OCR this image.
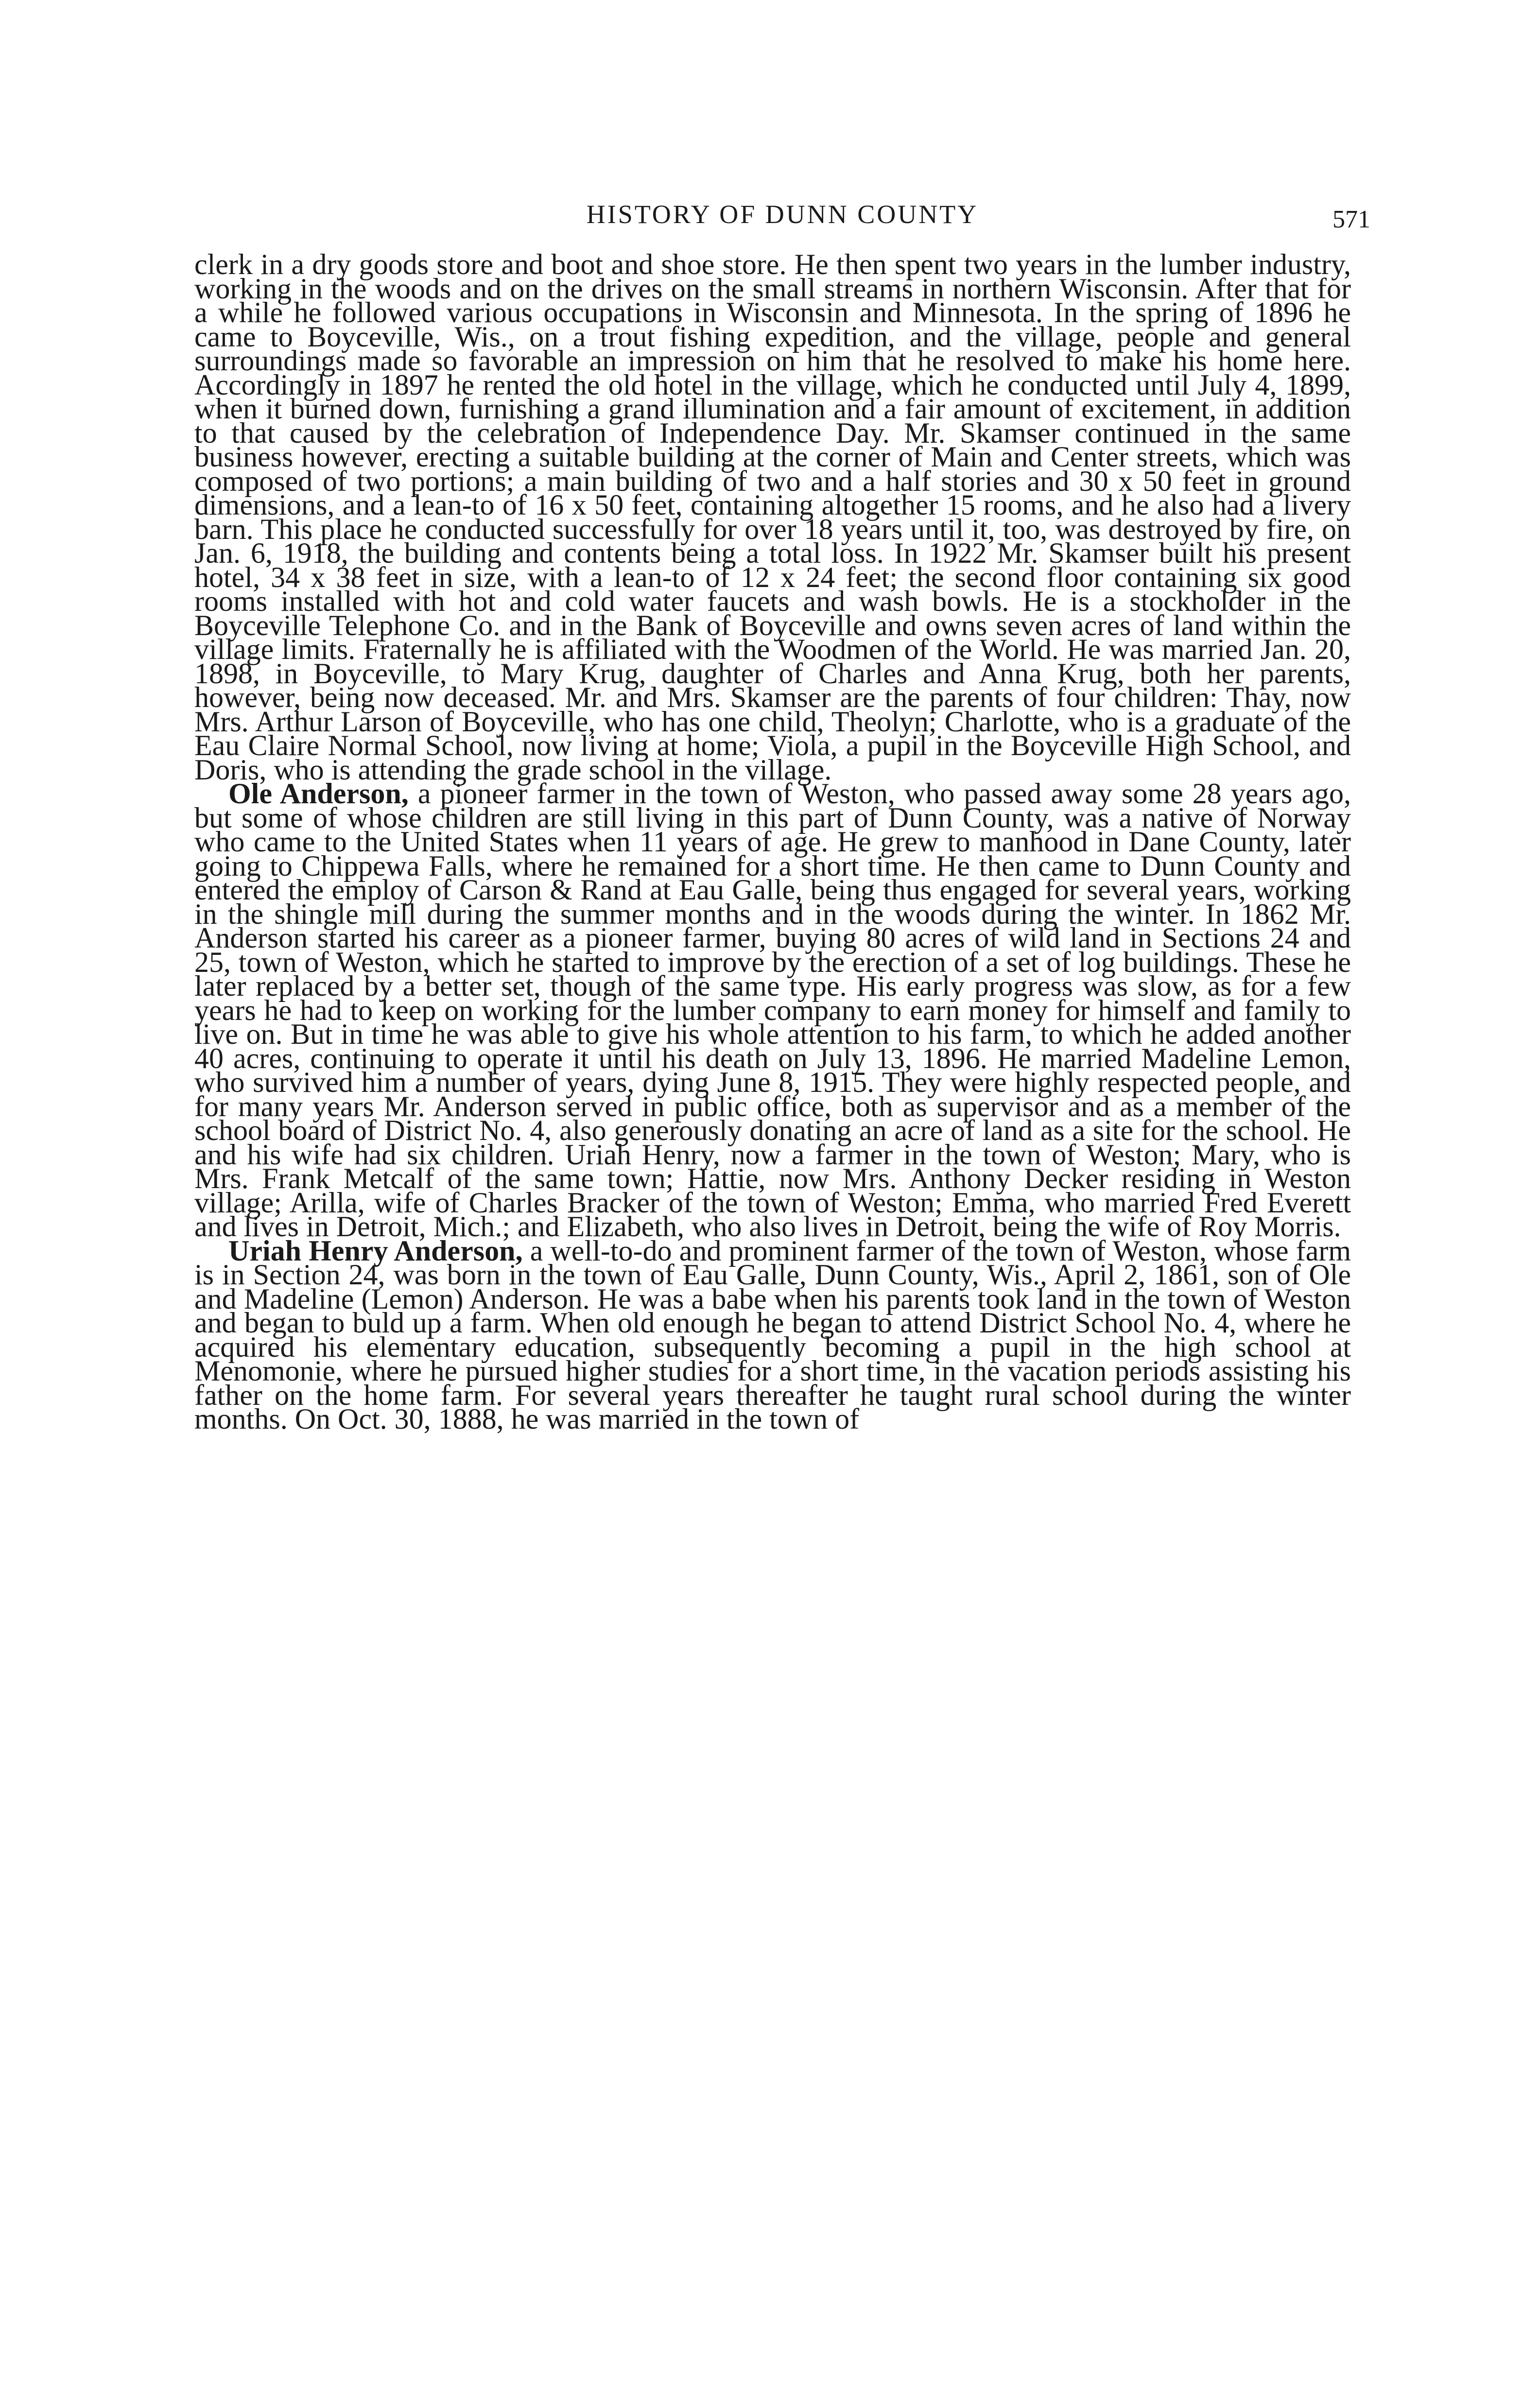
HISTORY OF DUNN COUNTY	571

clerk in a dry goods store and boot and shoe store. He then spent two years in the lumber industry, working in the woods and on the drives on the small streams in northern Wisconsin. After that for a while he followed various occupations in Wisconsin and Minnesota. In the spring of 1896 he came to Boyceville, Wis., on a trout fishing expedition, and the village, people and general surroundings made so favorable an impression on him that he resolved to make his home here. Accordingly in 1897 he rented the old hotel in the village, which he conducted until July 4, 1899, when it burned down, furnishing a grand illumination and a fair amount of excitement, in addition to that caused by the celebration of Independence Day. Mr. Skamser continued in the same business however, erecting a suitable building at the corner of Main and Center streets, which was composed of two portions; a main building of two and a half stories and 30 x 50 feet in ground dimensions, and a lean-to of 16 x 50 feet, containing altogether 15 rooms, and he also had a livery barn. This place he conducted successfully for over 18 years until it, too, was destroyed by fire, on Jan. 6, 1918, the building and contents being a total loss. In 1922 Mr. Skamser built his present hotel, 34 x 38 feet in size, with a lean-to of 12 x 24 feet; the second floor containing six good rooms installed with hot and cold water faucets and wash bowls. He is a stockholder in the Boyceville Telephone Co. and in the Bank of Boyceville and owns seven acres of land within the village limits. Fraternally he is affiliated with the Woodmen of the World. He was married Jan. 20, 1898, in Boyceville, to Mary Krug, daughter of Charles and Anna Krug, both her parents, however, being now deceased. Mr. and Mrs. Skamser are the parents of four children: Thay, now Mrs. Arthur Larson of Boyceville, who has one child, Theolyn; Charlotte, who is a graduate of the Eau Claire Normal School, now living at home; Viola, a pupil in the Boyceville High School, and Doris, who is attending the grade school in the village.

Ole Anderson, a pioneer farmer in the town of Weston, who passed away some 28 years ago, but some of whose children are still living in this part of Dunn County, was a native of Norway who came to the United States when 11 years of age. He grew to manhood in Dane County, later going to Chippewa Falls, where he remained for a short time. He then came to Dunn County and entered the employ of Carson & Rand at Eau Galle, being thus engaged for several years, working in the shingle mill during the summer months and in the woods during the winter. In 1862 Mr. Anderson started his career as a pioneer farmer, buying 80 acres of wild land in Sections 24 and 25, town of Weston, which he started to improve by the erection of a set of log buildings. These he later replaced by a better set, though of the same type. His early progress was slow, as for a few years he had to keep on working for the lumber company to earn money for himself and family to live on. But in time he was able to give his whole attention to his farm, to which he added another 40 acres, continuing to operate it until his death on July 13, 1896. He married Madeline Lemon, who survived him a number of years, dying June 8, 1915. They were highly respected people, and for many years Mr. Anderson served in public office, both as supervisor and as a member of the school board of District No. 4, also generously donating an acre of land as a site for the school. He and his wife had six children. Uriah Henry, now a farmer in the town of Weston; Mary, who is Mrs. Frank Metcalf of the same town; Hattie, now Mrs. Anthony Decker residing in Weston village; Arilla, wife of Charles Bracker of the town of Weston; Emma, who married Fred Everett and lives in Detroit, Mich.; and Elizabeth, who also lives in Detroit, being the wife of Roy Morris.

Uriah Henry Anderson, a well-to-do and prominent farmer of the town of Weston, whose farm is in Section 24, was born in the town of Eau Galle, Dunn County, Wis., April 2, 1861, son of Ole and Madeline (Lemon) Anderson. He was a babe when his parents took land in the town of Weston and began to buld up a farm. When old enough he began to attend District School No. 4, where he acquired his elementary education, subsequently becoming a pupil in the high school at Menomonie, where he pursued higher studies for a short time, in the vacation periods assisting his father on the home farm. For several years thereafter he taught rural school during the winter months. On Oct. 30, 1888, he was married in the town of
